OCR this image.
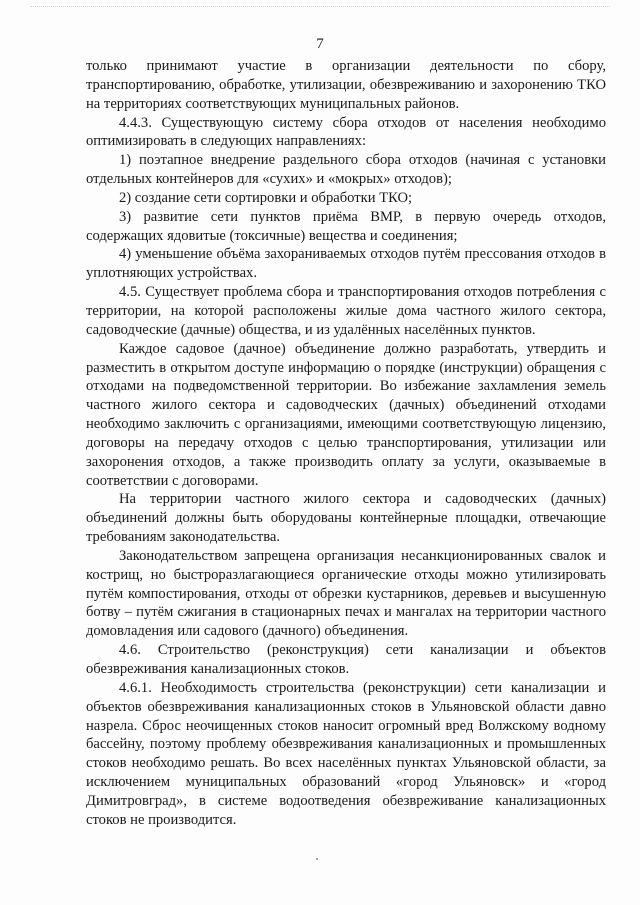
7

только принимают участие в организации деятельности по сбору, транспортированию, обработке, утилизации, обезвреживанию и захоронению ТКО на территориях соответствующих муниципальных районов.

4.4.3. Существующую систему сбора отходов от населения необходимо оптимизировать в следующих направлениях:

1) поэтапное внедрение раздельного сбора отходов (начиная с установки отдельных контейнеров для «сухих» и «мокрых» отходов);

2) создание сети сортировки и обработки ТКО;

3) развитие сети пунктов приёма ВМР, в первую очередь отходов, содержащих ядовитые (токсичные) вещества и соединения;

4) уменьшение объёма захораниваемых отходов путём прессования отходов в уплотняющих устройствах.

4.5. Существует проблема сбора и транспортирования отходов потребления с территории, на которой расположены жилые дома частного жилого сектора, садоводческие (дачные) общества, и из удалённых населённых пунктов.

Каждое садовое (дачное) объединение должно разработать, утвердить и разместить в открытом доступе информацию о порядке (инструкции) обращения с отходами на подведомственной территории. Во избежание захламления земель частного жилого сектора и садоводческих (дачных) объединений отходами необходимо заключить с организациями, имеющими соответствующую лицензию, договоры на передачу отходов с целью транспортирования, утилизации или захоронения отходов, а также производить оплату за услуги, оказываемые в соответствии с договорами.

На территории частного жилого сектора и садоводческих (дачных) объединений должны быть оборудованы контейнерные площадки, отвечающие требованиям законодательства.

Законодательством запрещена организация несанкционированных свалок и кострищ, но быстроразлагающиеся органические отходы можно утилизировать путём компостирования, отходы от обрезки кустарников, деревьев и высушенную ботву – путём сжигания в стационарных печах и мангалах на территории частного домовладения или садового (дачного) объединения.

4.6. Строительство (реконструкция) сети канализации и объектов обезвреживания канализационных стоков.

4.6.1. Необходимость строительства (реконструкции) сети канализации и объектов обезвреживания канализационных стоков в Ульяновской области давно назрела. Сброс неочищенных стоков наносит огромный вред Волжскому водному бассейну, поэтому проблему обезвреживания канализационных и промышленных стоков необходимо решать. Во всех населённых пунктах Ульяновской области, за исключением муниципальных образований «город Ульяновск» и «город Димитровград», в системе водоотведения обезвреживание канализационных стоков не производится.
